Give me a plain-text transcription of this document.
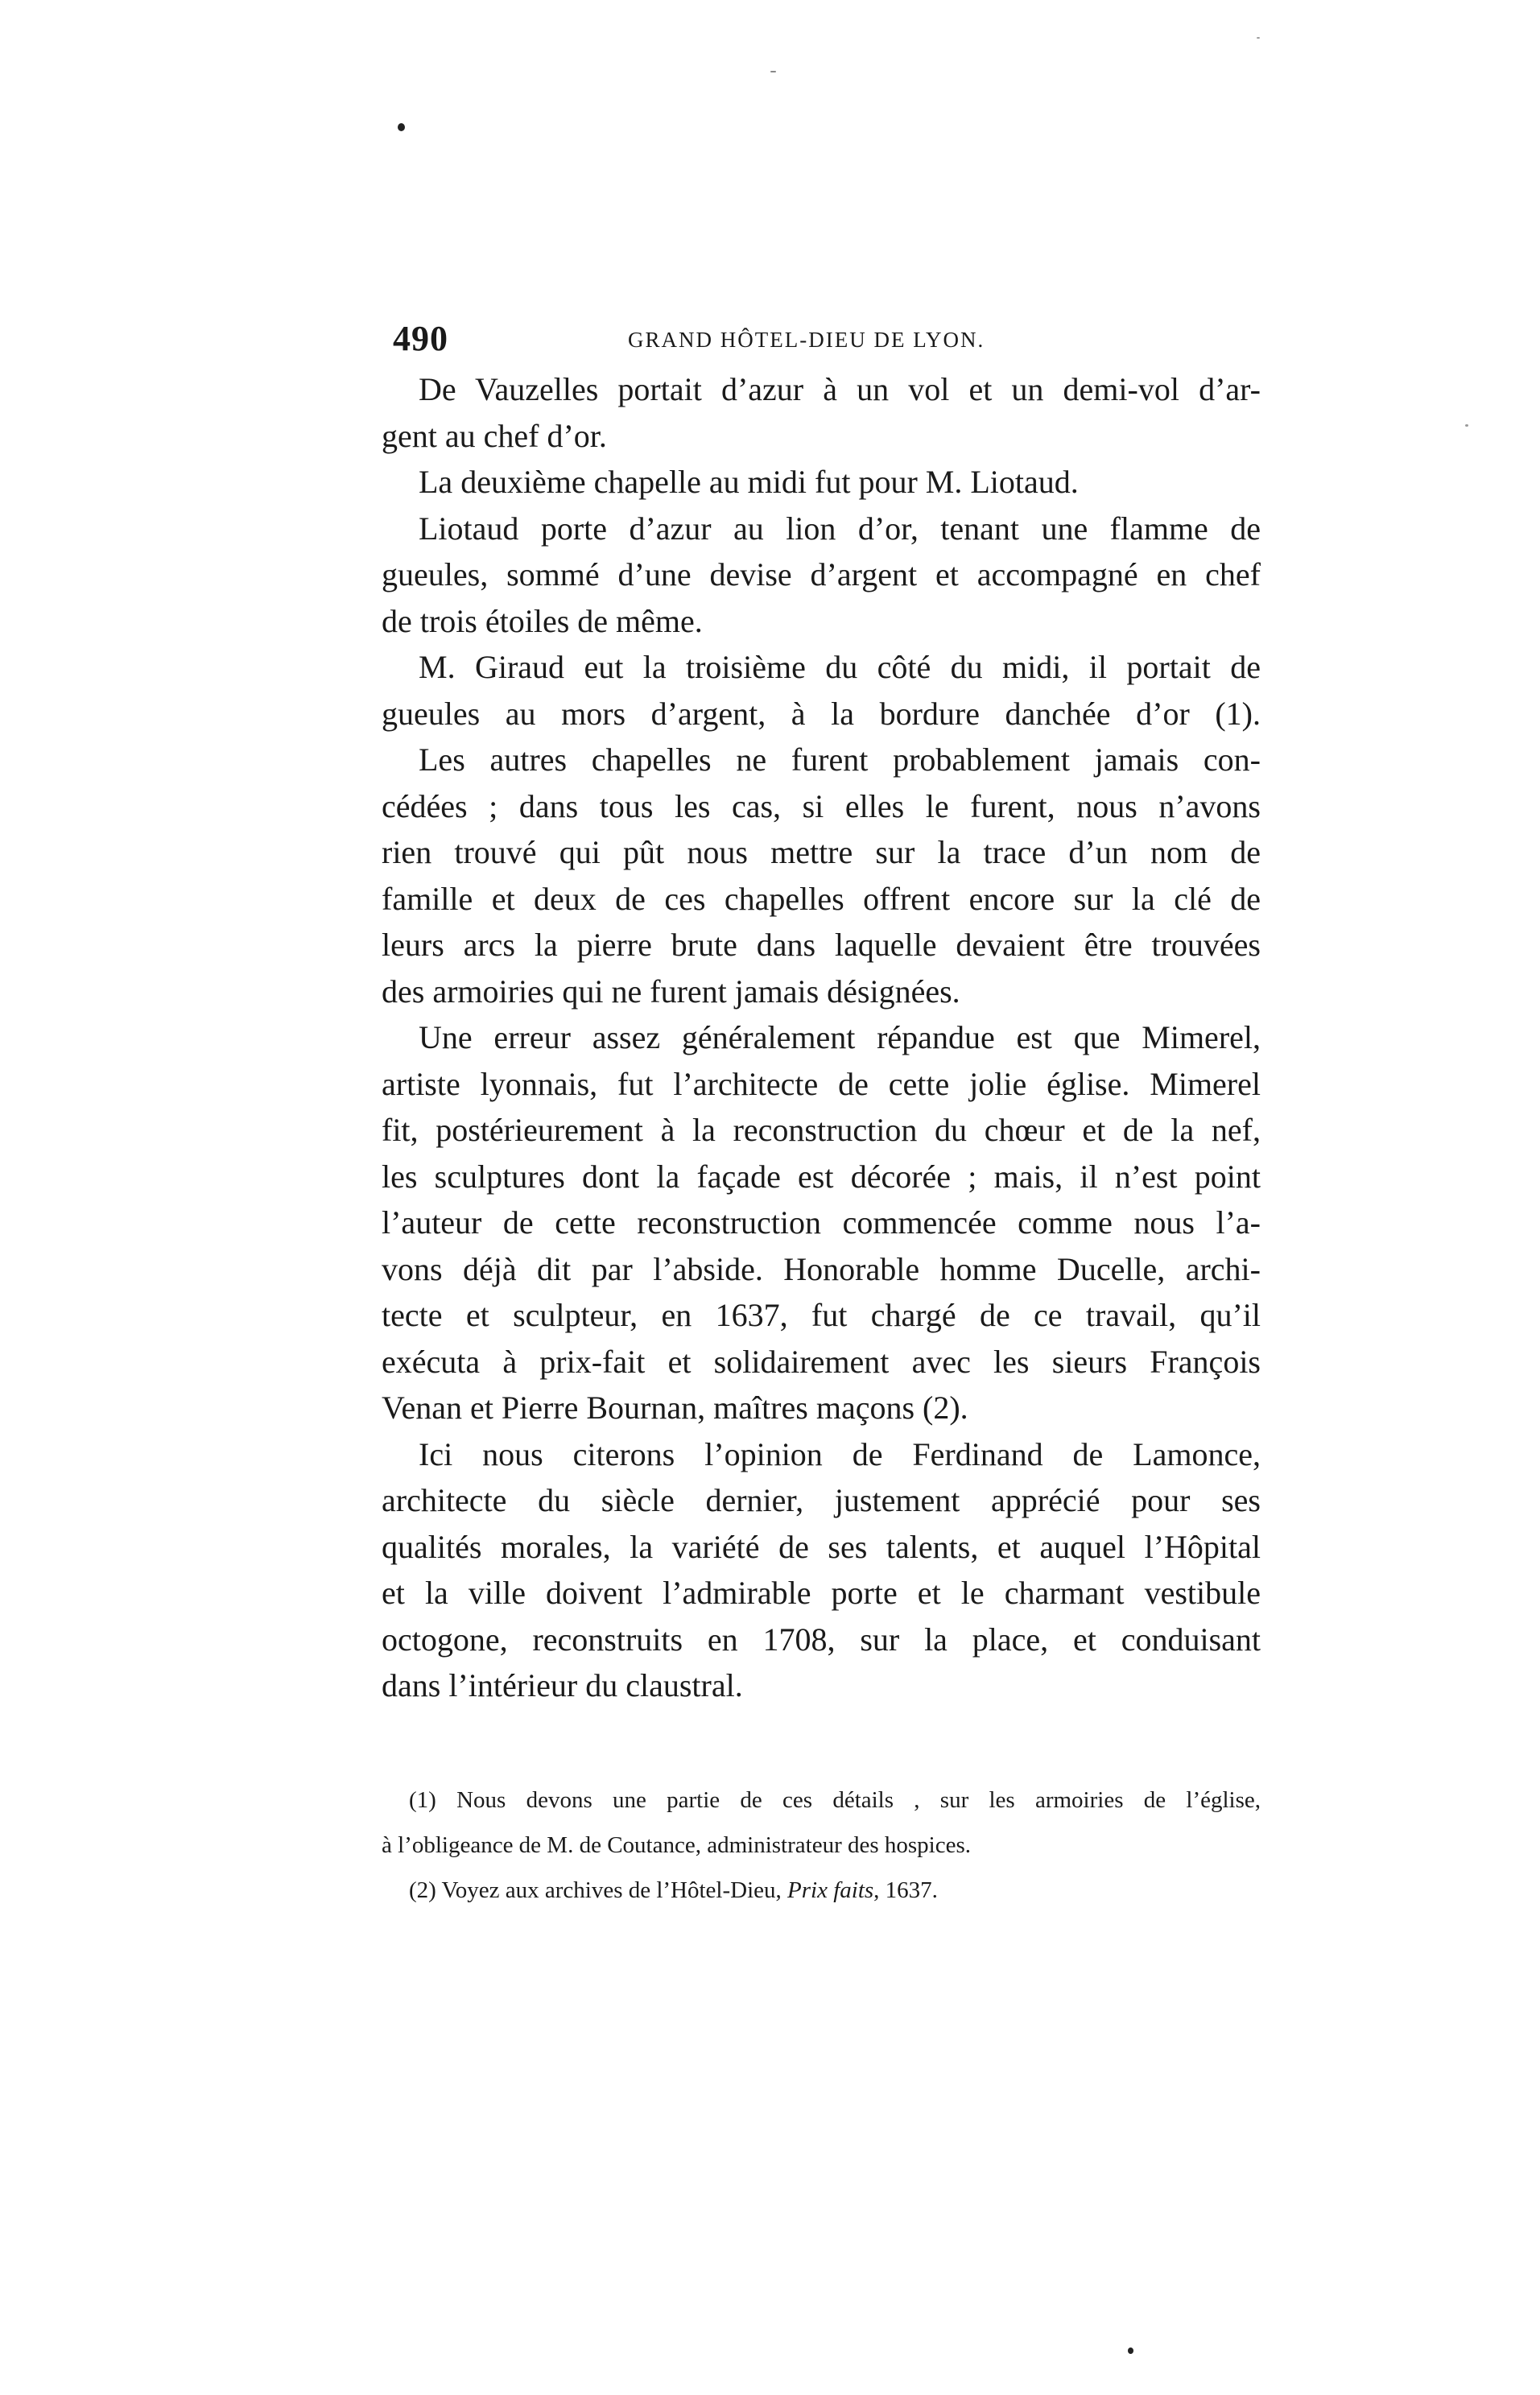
490	GRAND HÔTEL-DIEU DE LYON.
De Vauzelles portait d’azur à un vol et un demi-vol d’ar-
gent au chef d’or.
La deuxième chapelle au midi fut pour M. Liotaud.
Liotaud porte d’azur au lion d’or, tenant une flamme de
gueules, sommé d’une devise d’argent et accompagné en chef
de trois étoiles de même.
M. Giraud eut la troisième du côté du midi, il portait de
gueules au mors d’argent, à la bordure danchée d’or (1).
Les autres chapelles ne furent probablement jamais con-
cédées ; dans tous les cas, si elles le furent, nous n’avons
rien trouvé qui pût nous mettre sur la trace d’un nom de
famille et deux de ces chapelles offrent encore sur la clé de
leurs arcs la pierre brute dans laquelle devaient être trouvées
des armoiries qui ne furent jamais désignées.
Une erreur assez généralement répandue est que Mimerel,
artiste lyonnais, fut l’architecte de cette jolie église. Mimerel
fit, postérieurement à la reconstruction du chœur et de la nef,
les sculptures dont la façade est décorée ; mais, il n’est point
l’auteur de cette reconstruction commencée comme nous l’a-
vons déjà dit par l’abside. Honorable homme Ducelle, archi-
tecte et sculpteur, en 1637, fut chargé de ce travail, qu’il
exécuta à prix-fait et solidairement avec les sieurs François
Venan et Pierre Bournan, maîtres maçons (2).
Ici nous citerons l’opinion de Ferdinand de Lamonce,
architecte du siècle dernier, justement apprécié pour ses
qualités morales, la variété de ses talents, et auquel l’Hôpital
et la ville doivent l’admirable porte et le charmant vestibule
octogone, reconstruits en 1708, sur la place, et conduisant
dans l’intérieur du claustral.
(1) Nous devons une partie de ces détails , sur les armoiries de l’église,
à l’obligeance de M. de Coutance, administrateur des hospices.
(2) Voyez aux archives de l’Hôtel-Dieu, Prix faits, 1637.
